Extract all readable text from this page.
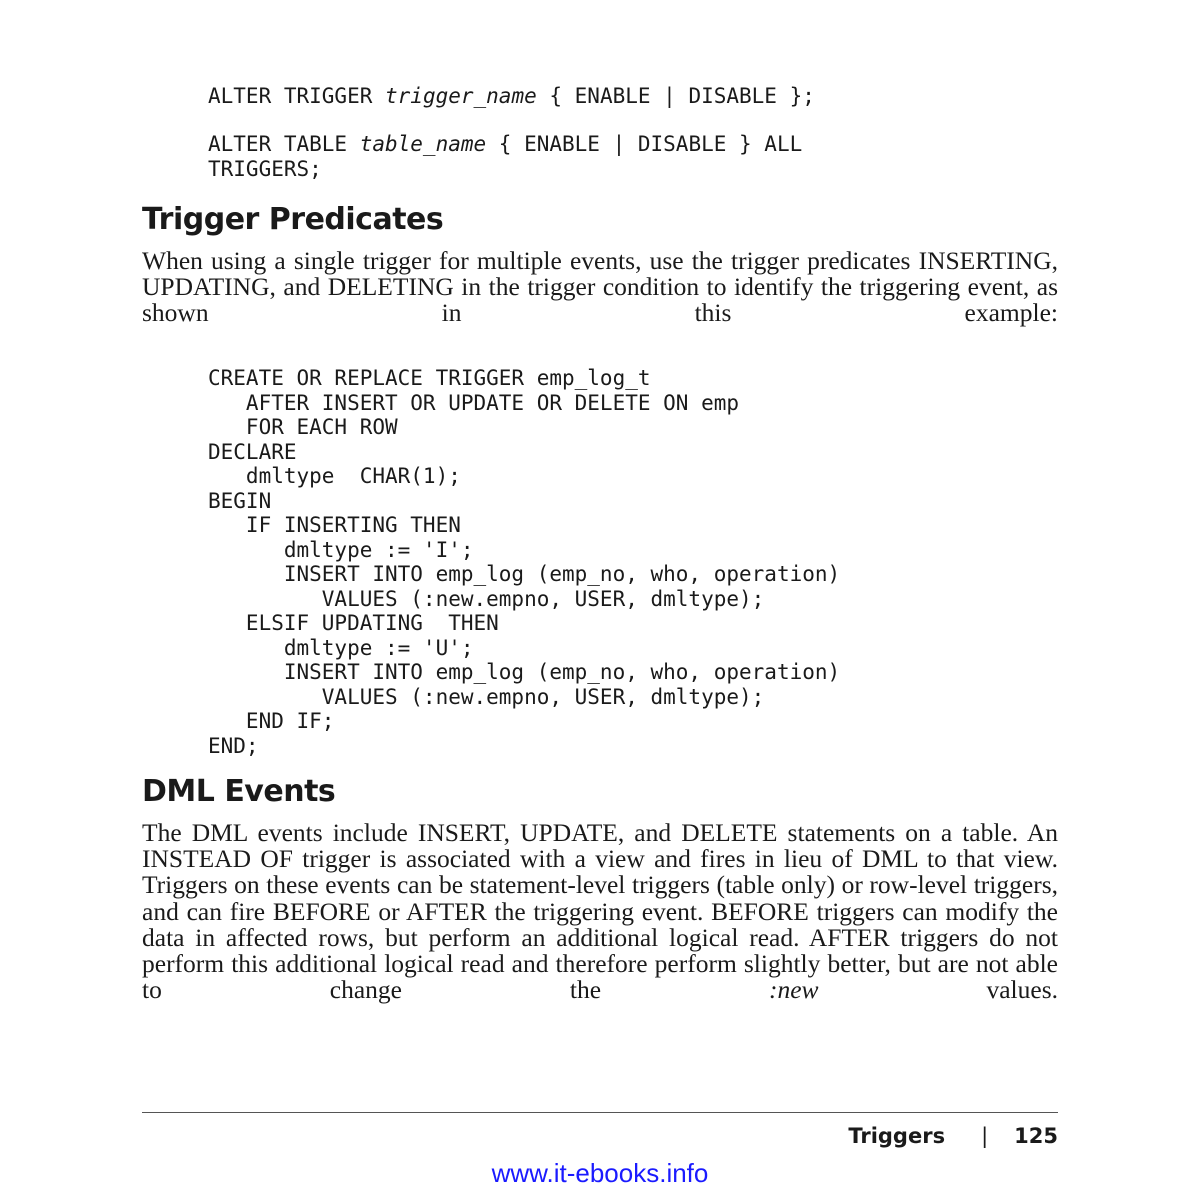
ALTER TRIGGER trigger_name { ENABLE | DISABLE };
ALTER TABLE table_name { ENABLE | DISABLE } ALL
TRIGGERS;
Trigger Predicates

When using a single trigger for multiple events, use the trigger predicates INSERTING, UPDATING, and DELETING in the trigger condition to identify the triggering event, as shown in this example:

CREATE OR REPLACE TRIGGER emp_log_t
AFTER INSERT OR UPDATE OR DELETE ON emp
FOR EACH ROW
DECLARE
dmltype  CHAR(1);
BEGIN
IF INSERTING THEN
dmltype := 'I';
INSERT INTO emp_log (emp_no, who, operation)
VALUES (:new.empno, USER, dmltype);
ELSIF UPDATING  THEN
dmltype := 'U';
INSERT INTO emp_log (emp_no, who, operation)
VALUES (:new.empno, USER, dmltype);
END IF;
END;
DML Events

The DML events include INSERT, UPDATE, and DELETE statements on a table. An INSTEAD OF trigger is associated with a view and fires in lieu of DML to that view. Triggers on these events can be statement-level triggers (table only) or row-level triggers, and can fire BEFORE or AFTER the triggering event. BEFORE triggers can modify the data in affected rows, but perform an additional logical read. AFTER triggers do not perform this additional logical read and therefore perform slightly better, but are not able to change the :new values.

Triggers | 125
www.it-ebooks.info
